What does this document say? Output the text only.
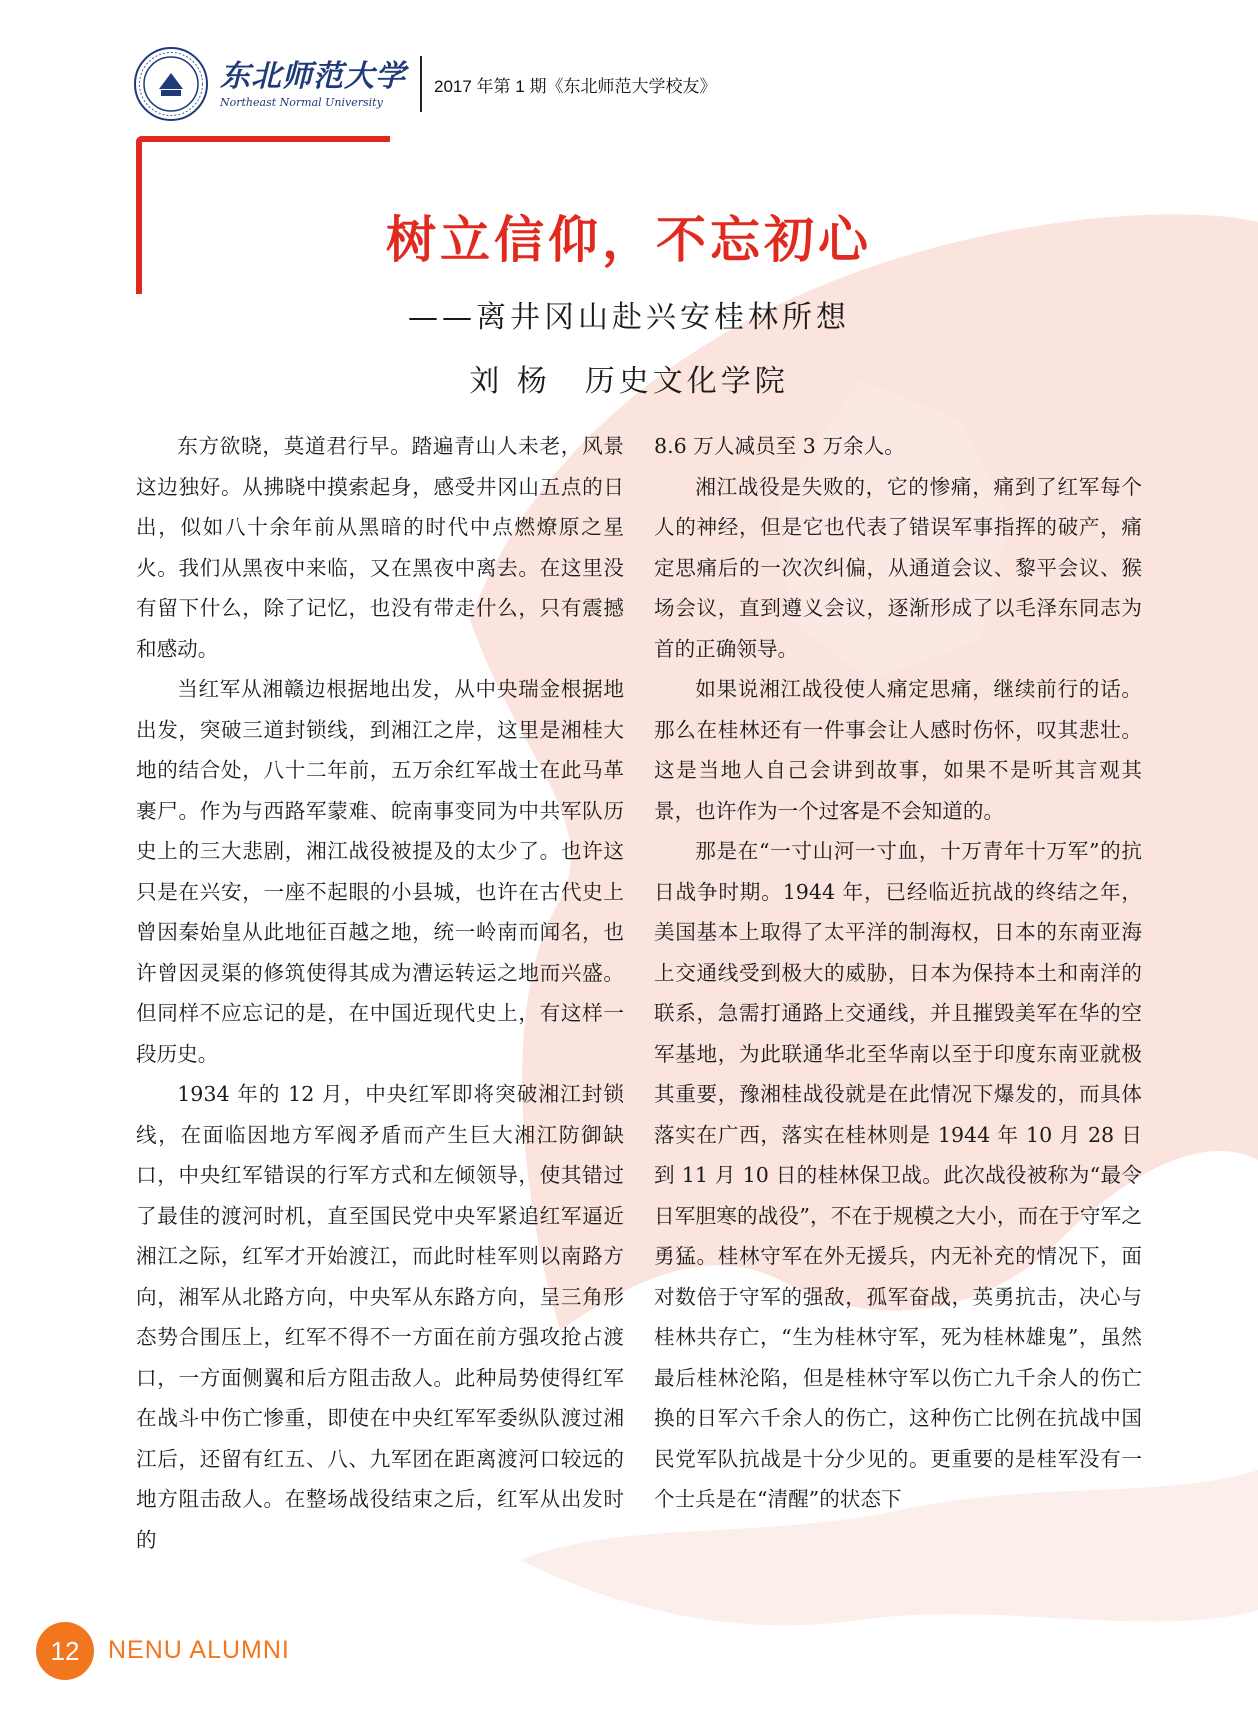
东北师范大学
Northeast Normal University
2017 年第 1 期《东北师范大学校友》
树立信仰，不忘初心
——离井冈山赴兴安桂林所想
刘 杨 历史文化学院

东方欲晓，莫道君行早。踏遍青山人未老，风景这边独好。从拂晓中摸索起身，感受井冈山五点的日出，似如八十余年前从黑暗的时代中点燃燎原之星火。我们从黑夜中来临，又在黑夜中离去。在这里没有留下什么，除了记忆，也没有带走什么，只有震撼和感动。

当红军从湘赣边根据地出发，从中央瑞金根据地出发，突破三道封锁线，到湘江之岸，这里是湘桂大地的结合处，八十二年前，五万余红军战士在此马革裹尸。作为与西路军蒙难、皖南事变同为中共军队历史上的三大悲剧，湘江战役被提及的太少了。也许这只是在兴安，一座不起眼的小县城，也许在古代史上曾因秦始皇从此地征百越之地，统一岭南而闻名，也许曾因灵渠的修筑使得其成为漕运转运之地而兴盛。但同样不应忘记的是，在中国近现代史上，有这样一段历史。

1934 年的 12 月，中央红军即将突破湘江封锁线，在面临因地方军阀矛盾而产生巨大湘江防御缺口，中央红军错误的行军方式和左倾领导，使其错过了最佳的渡河时机，直至国民党中央军紧追红军逼近湘江之际，红军才开始渡江，而此时桂军则以南路方向，湘军从北路方向，中央军从东路方向，呈三角形态势合围压上，红军不得不一方面在前方强攻抢占渡口，一方面侧翼和后方阻击敌人。此种局势使得红军在战斗中伤亡惨重，即使在中央红军军委纵队渡过湘江后，还留有红五、八、九军团在距离渡河口较远的地方阻击敌人。在整场战役结束之后，红军从出发时的

8.6 万人减员至 3 万余人。

湘江战役是失败的，它的惨痛，痛到了红军每个人的神经，但是它也代表了错误军事指挥的破产，痛定思痛后的一次次纠偏，从通道会议、黎平会议、猴场会议，直到遵义会议，逐渐形成了以毛泽东同志为首的正确领导。

如果说湘江战役使人痛定思痛，继续前行的话。那么在桂林还有一件事会让人感时伤怀，叹其悲壮。这是当地人自己会讲到故事，如果不是听其言观其景，也许作为一个过客是不会知道的。

那是在“一寸山河一寸血，十万青年十万军”的抗日战争时期。1944 年，已经临近抗战的终结之年，美国基本上取得了太平洋的制海权，日本的东南亚海上交通线受到极大的威胁，日本为保持本土和南洋的联系，急需打通路上交通线，并且摧毁美军在华的空军基地，为此联通华北至华南以至于印度东南亚就极其重要，豫湘桂战役就是在此情况下爆发的，而具体落实在广西，落实在桂林则是 1944 年 10 月 28 日到 11 月 10 日的桂林保卫战。此次战役被称为“最令日军胆寒的战役”，不在于规模之大小，而在于守军之勇猛。桂林守军在外无援兵，内无补充的情况下，面对数倍于守军的强敌，孤军奋战，英勇抗击，决心与桂林共存亡，“生为桂林守军，死为桂林雄鬼”，虽然最后桂林沦陷，但是桂林守军以伤亡九千余人的伤亡换的日军六千余人的伤亡，这种伤亡比例在抗战中国民党军队抗战是十分少见的。更重要的是桂军没有一个士兵是在“清醒”的状态下

12	NENU ALUMNI
